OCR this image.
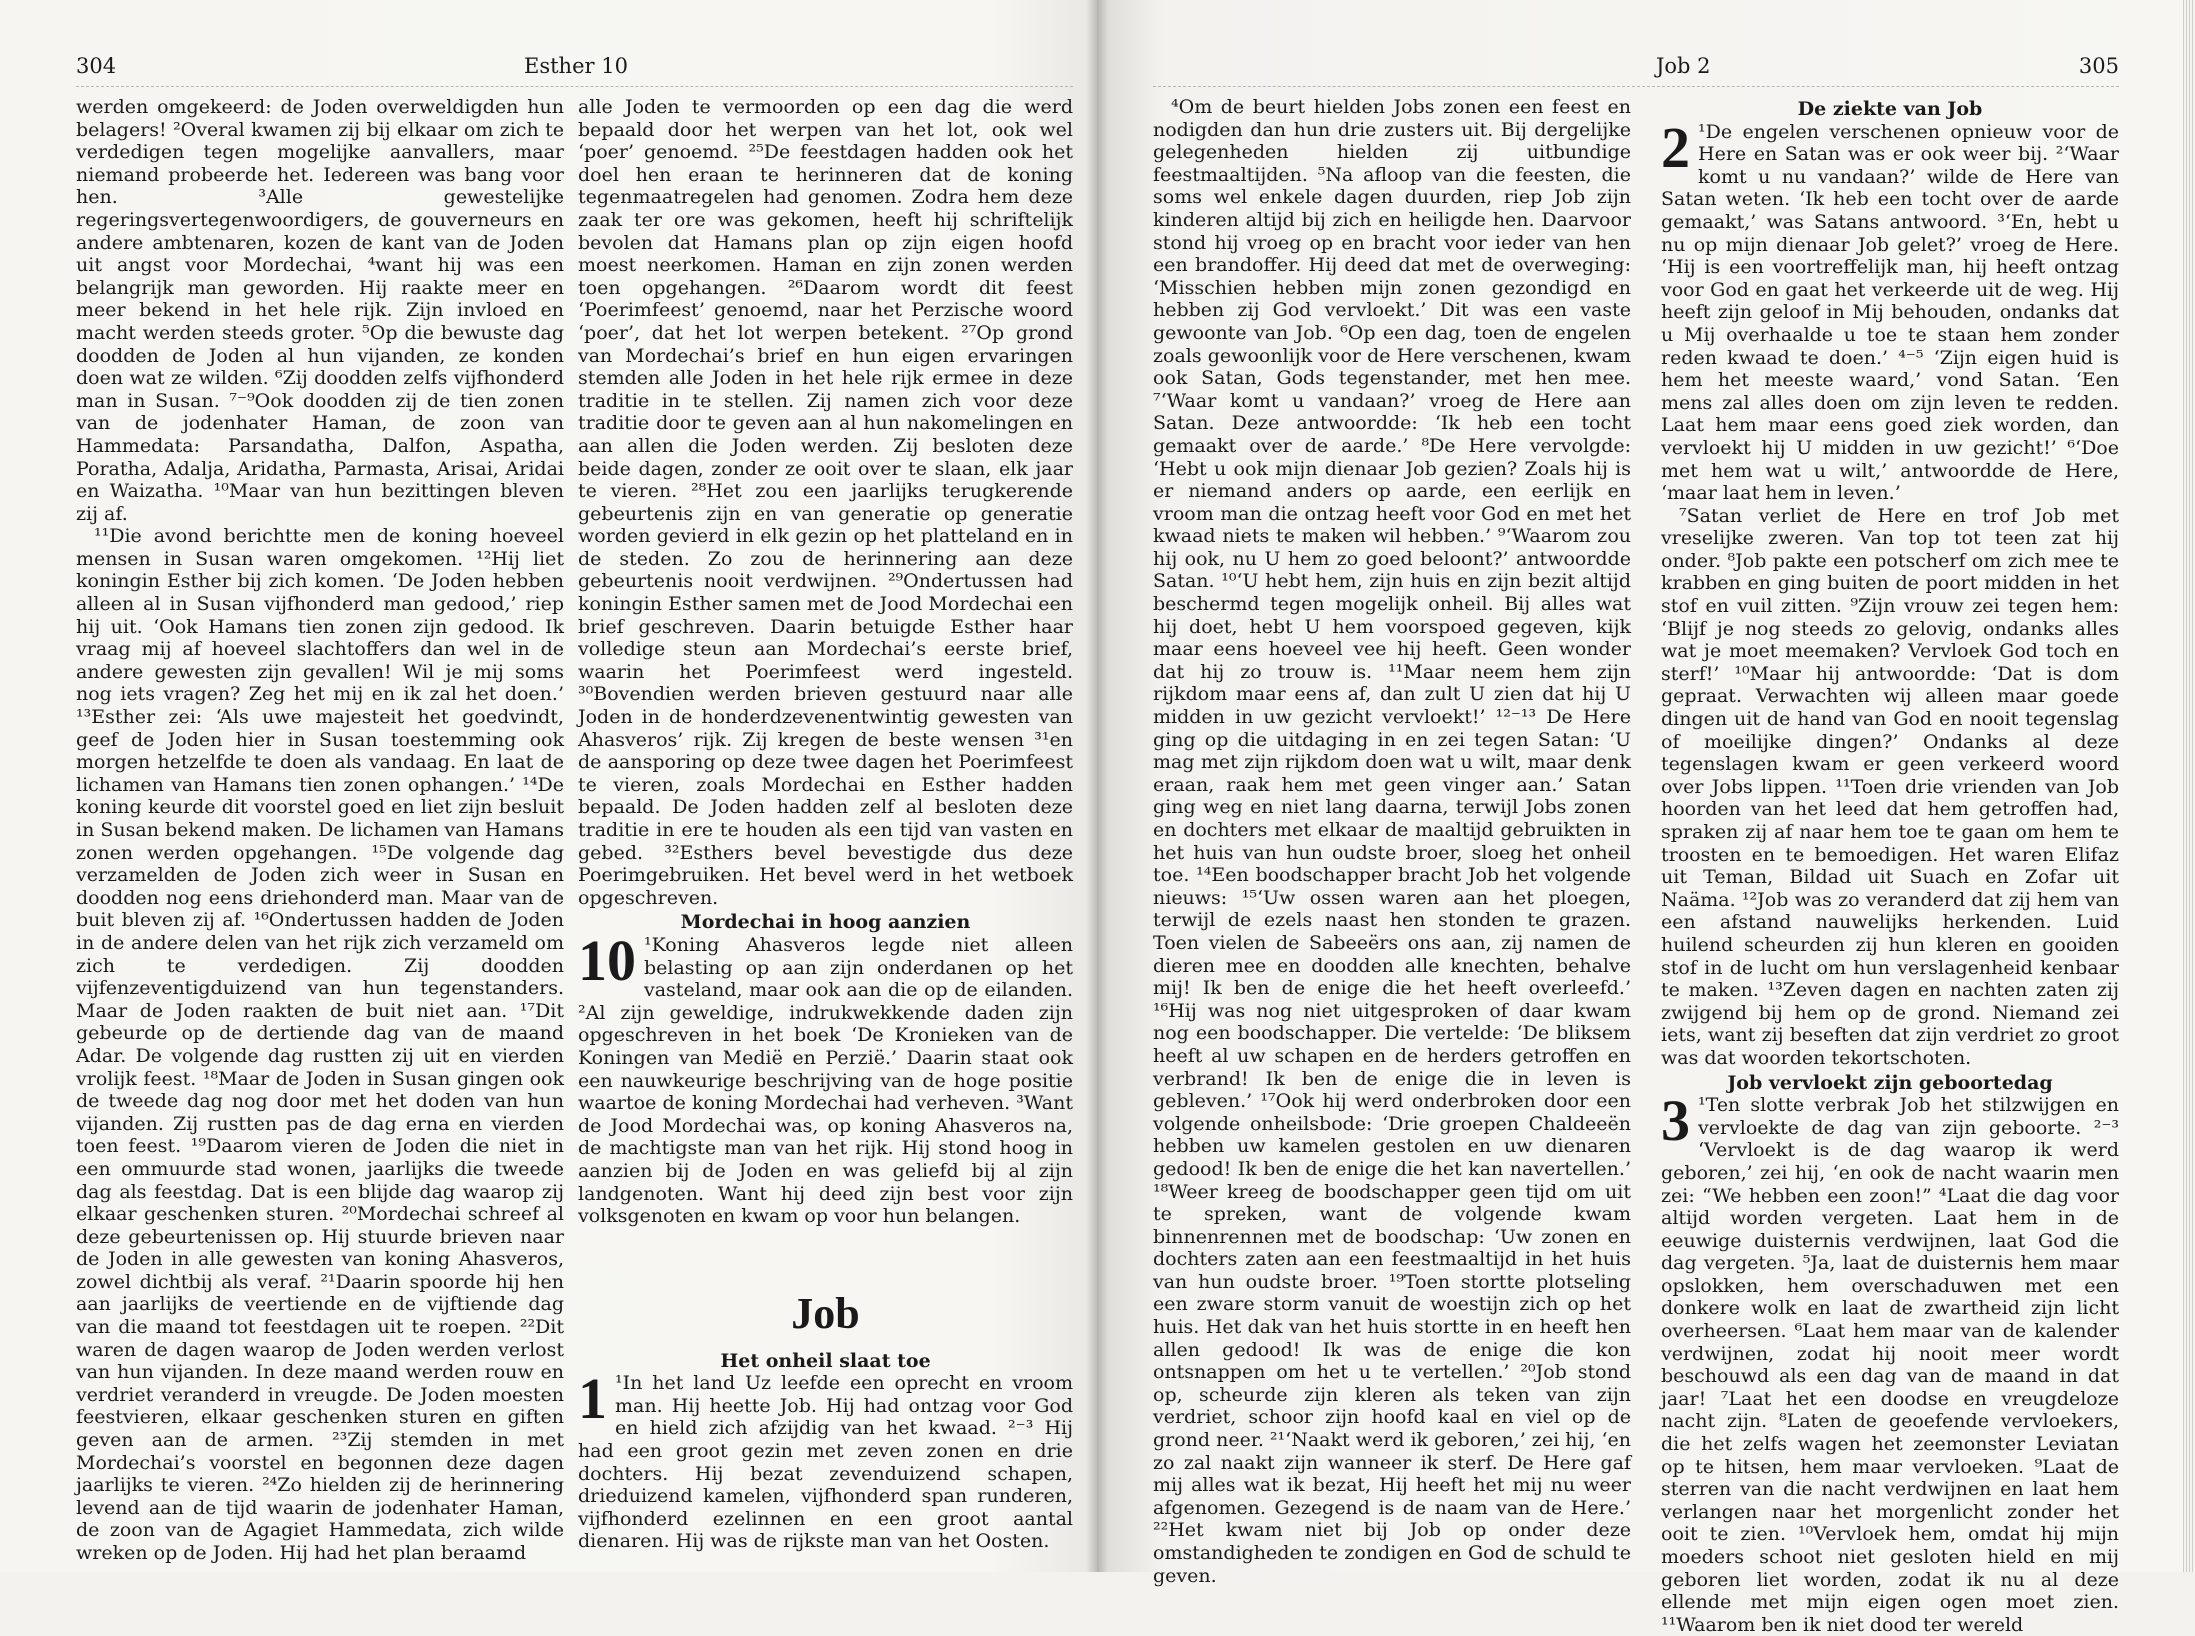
304	Esther 10

werden omgekeerd: de Joden overweldigden hun belagers! ²Overal kwamen zij bij elkaar om zich te verdedigen tegen mogelijke aanvallers, maar niemand probeerde het. Iedereen was bang voor hen. ³Alle gewestelijke regeringsvertegenwoordigers, de gouverneurs en andere ambtenaren, kozen de kant van de Joden uit angst voor Mordechai, ⁴want hij was een belangrijk man geworden. Hij raakte meer en meer bekend in het hele rijk. Zijn invloed en macht werden steeds groter. ⁵Op die bewuste dag doodden de Joden al hun vijanden, ze konden doen wat ze wilden. ⁶Zij doodden zelfs vijfhonderd man in Susan. ⁷⁻⁹Ook doodden zij de tien zonen van de jodenhater Haman, de zoon van Hammedata: Parsandatha, Dalfon, Aspatha, Poratha, Adalja, Aridatha, Parmasta, Arisai, Aridai en Waizatha. ¹⁰Maar van hun bezittingen bleven zij af.

¹¹Die avond berichtte men de koning hoeveel mensen in Susan waren omgekomen. ¹²Hij liet koningin Esther bij zich komen. ‘De Joden hebben alleen al in Susan vijfhonderd man gedood,’ riep hij uit. ‘Ook Hamans tien zonen zijn gedood. Ik vraag mij af hoeveel slachtoffers dan wel in de andere gewesten zijn gevallen! Wil je mij soms nog iets vragen? Zeg het mij en ik zal het doen.’ ¹³Esther zei: ‘Als uwe majesteit het goedvindt, geef de Joden hier in Susan toestemming ook morgen hetzelfde te doen als vandaag. En laat de lichamen van Hamans tien zonen ophangen.’ ¹⁴De koning keurde dit voorstel goed en liet zijn besluit in Susan bekend maken. De lichamen van Hamans zonen werden opgehangen. ¹⁵De volgende dag verzamelden de Joden zich weer in Susan en doodden nog eens driehonderd man. Maar van de buit bleven zij af. ¹⁶Ondertussen hadden de Joden in de andere delen van het rijk zich verzameld om zich te verdedigen. Zij doodden vijfenzeventigduizend van hun tegenstanders. Maar de Joden raakten de buit niet aan. ¹⁷Dit gebeurde op de dertiende dag van de maand Adar. De volgende dag rustten zij uit en vierden vrolijk feest. ¹⁸Maar de Joden in Susan gingen ook de tweede dag nog door met het doden van hun vijanden. Zij rustten pas de dag erna en vierden toen feest. ¹⁹Daarom vieren de Joden die niet in een ommuurde stad wonen, jaarlijks die tweede dag als feestdag. Dat is een blijde dag waarop zij elkaar geschenken sturen. ²⁰Mordechai schreef al deze gebeurtenissen op. Hij stuurde brieven naar de Joden in alle gewesten van koning Ahasveros, zowel dichtbij als veraf. ²¹Daarin spoorde hij hen aan jaarlijks de veertiende en de vijftiende dag van die maand tot feestdagen uit te roepen. ²²Dit waren de dagen waarop de Joden werden verlost van hun vijanden. In deze maand werden rouw en verdriet veranderd in vreugde. De Joden moesten feestvieren, elkaar geschenken sturen en giften geven aan de armen. ²³Zij stemden in met Mordechai’s voorstel en begonnen deze dagen jaarlijks te vieren. ²⁴Zo hielden zij de herinnering levend aan de tijd waarin de jodenhater Haman, de zoon van de Agagiet Hammedata, zich wilde wreken op de Joden. Hij had het plan beraamd

alle Joden te vermoorden op een dag die werd bepaald door het werpen van het lot, ook wel ‘poer’ genoemd. ²⁵De feestdagen hadden ook het doel hen eraan te herinneren dat de koning tegenmaatregelen had genomen. Zodra hem deze zaak ter ore was gekomen, heeft hij schriftelijk bevolen dat Hamans plan op zijn eigen hoofd moest neerkomen. Haman en zijn zonen werden toen opgehangen. ²⁶Daarom wordt dit feest ‘Poerimfeest’ genoemd, naar het Perzische woord ‘poer’, dat het lot werpen betekent. ²⁷Op grond van Mordechai’s brief en hun eigen ervaringen stemden alle Joden in het hele rijk ermee in deze traditie in te stellen. Zij namen zich voor deze traditie door te geven aan al hun nakomelingen en aan allen die Joden werden. Zij besloten deze beide dagen, zonder ze ooit over te slaan, elk jaar te vieren. ²⁸Het zou een jaarlijks terugkerende gebeurtenis zijn en van generatie op generatie worden gevierd in elk gezin op het platteland en in de steden. Zo zou de herinnering aan deze gebeurtenis nooit verdwijnen. ²⁹Ondertussen had koningin Esther samen met de Jood Mordechai een brief geschreven. Daarin betuigde Esther haar volledige steun aan Mordechai’s eerste brief, waarin het Poerimfeest werd ingesteld. ³⁰Bovendien werden brieven gestuurd naar alle Joden in de honderdzevenentwintig gewesten van Ahasveros’ rijk. Zij kregen de beste wensen ³¹en de aansporing op deze twee dagen het Poerimfeest te vieren, zoals Mordechai en Esther hadden bepaald. De Joden hadden zelf al besloten deze traditie in ere te houden als een tijd van vasten en gebed. ³²Esthers bevel bevestigde dus deze Poerimgebruiken. Het bevel werd in het wetboek opgeschreven.

Mordechai in hoog aanzien

10 ¹Koning Ahasveros legde niet alleen belasting op aan zijn onderdanen op het vasteland, maar ook aan die op de eilanden. ²Al zijn geweldige, indrukwekkende daden zijn opgeschreven in het boek ‘De Kronieken van de Koningen van Medië en Perzië.’ Daarin staat ook een nauwkeurige beschrijving van de hoge positie waartoe de koning Mordechai had verheven. ³Want de Jood Mordechai was, op koning Ahasveros na, de machtigste man van het rijk. Hij stond hoog in aanzien bij de Joden en was geliefd bij al zijn landgenoten. Want hij deed zijn best voor zijn volksgenoten en kwam op voor hun belangen.

Job
Het onheil slaat toe

1 ¹In het land Uz leefde een oprecht en vroom man. Hij heette Job. Hij had ontzag voor God en hield zich afzijdig van het kwaad. ²⁻³ Hij had een groot gezin met zeven zonen en drie dochters. Hij bezat zevenduizend schapen, drieduizend kamelen, vijfhonderd span runderen, vijfhonderd ezelinnen en een groot aantal dienaren. Hij was de rijkste man van het Oosten.

Job 2	305

⁴Om de beurt hielden Jobs zonen een feest en nodigden dan hun drie zusters uit. Bij dergelijke gelegenheden hielden zij uitbundige feestmaaltijden. ⁵Na afloop van die feesten, die soms wel enkele dagen duurden, riep Job zijn kinderen altijd bij zich en heiligde hen. Daarvoor stond hij vroeg op en bracht voor ieder van hen een brandoffer. Hij deed dat met de overweging: ‘Misschien hebben mijn zonen gezondigd en hebben zij God vervloekt.’ Dit was een vaste gewoonte van Job. ⁶Op een dag, toen de engelen zoals gewoonlijk voor de Here verschenen, kwam ook Satan, Gods tegenstander, met hen mee. ⁷‘Waar komt u vandaan?’ vroeg de Here aan Satan. Deze antwoordde: ‘Ik heb een tocht gemaakt over de aarde.’ ⁸De Here vervolgde: ‘Hebt u ook mijn dienaar Job gezien? Zoals hij is er niemand anders op aarde, een eerlijk en vroom man die ontzag heeft voor God en met het kwaad niets te maken wil hebben.’ ⁹‘Waarom zou hij ook, nu U hem zo goed beloont?’ antwoordde Satan. ¹⁰‘U hebt hem, zijn huis en zijn bezit altijd beschermd tegen mogelijk onheil. Bij alles wat hij doet, hebt U hem voorspoed gegeven, kijk maar eens hoeveel vee hij heeft. Geen wonder dat hij zo trouw is. ¹¹Maar neem hem zijn rijkdom maar eens af, dan zult U zien dat hij U midden in uw gezicht vervloekt!’ ¹²⁻¹³ De Here ging op die uitdaging in en zei tegen Satan: ‘U mag met zijn rijkdom doen wat u wilt, maar denk eraan, raak hem met geen vinger aan.’ Satan ging weg en niet lang daarna, terwijl Jobs zonen en dochters met elkaar de maaltijd gebruikten in het huis van hun oudste broer, sloeg het onheil toe. ¹⁴Een boodschapper bracht Job het volgende nieuws: ¹⁵‘Uw ossen waren aan het ploegen, terwijl de ezels naast hen stonden te grazen. Toen vielen de Sabeeërs ons aan, zij namen de dieren mee en doodden alle knechten, behalve mij! Ik ben de enige die het heeft overleefd.’ ¹⁶Hij was nog niet uitgesproken of daar kwam nog een boodschapper. Die vertelde: ‘De bliksem heeft al uw schapen en de herders getroffen en verbrand! Ik ben de enige die in leven is gebleven.’ ¹⁷Ook hij werd onderbroken door een volgende onheilsbode: ‘Drie groepen Chaldeeën hebben uw kamelen gestolen en uw dienaren gedood! Ik ben de enige die het kan navertellen.’ ¹⁸Weer kreeg de boodschapper geen tijd om uit te spreken, want de volgende kwam binnenrennen met de boodschap: ‘Uw zonen en dochters zaten aan een feestmaaltijd in het huis van hun oudste broer. ¹⁹Toen stortte plotseling een zware storm vanuit de woestijn zich op het huis. Het dak van het huis stortte in en heeft hen allen gedood! Ik was de enige die kon ontsnappen om het u te vertellen.’ ²⁰Job stond op, scheurde zijn kleren als teken van zijn verdriet, schoor zijn hoofd kaal en viel op de grond neer. ²¹‘Naakt werd ik geboren,’ zei hij, ‘en zo zal naakt zijn wanneer ik sterf. De Here gaf mij alles wat ik bezat, Hij heeft het mij nu weer afgenomen. Gezegend is de naam van de Here.’ ²²Het kwam niet bij Job op onder deze omstandigheden te zondigen en God de schuld te geven.

De ziekte van Job

2 ¹De engelen verschenen opnieuw voor de Here en Satan was er ook weer bij. ²‘Waar komt u nu vandaan?’ wilde de Here van Satan weten. ‘Ik heb een tocht over de aarde gemaakt,’ was Satans antwoord. ³‘En, hebt u nu op mijn dienaar Job gelet?’ vroeg de Here. ‘Hij is een voortreffelijk man, hij heeft ontzag voor God en gaat het verkeerde uit de weg. Hij heeft zijn geloof in Mij behouden, ondanks dat u Mij overhaalde u toe te staan hem zonder reden kwaad te doen.’ ⁴⁻⁵ ‘Zijn eigen huid is hem het meeste waard,’ vond Satan. ‘Een mens zal alles doen om zijn leven te redden. Laat hem maar eens goed ziek worden, dan vervloekt hij U midden in uw gezicht!’ ⁶‘Doe met hem wat u wilt,’ antwoordde de Here, ‘maar laat hem in leven.’

⁷Satan verliet de Here en trof Job met vreselijke zweren. Van top tot teen zat hij onder. ⁸Job pakte een potscherf om zich mee te krabben en ging buiten de poort midden in het stof en vuil zitten. ⁹Zijn vrouw zei tegen hem: ‘Blijf je nog steeds zo gelovig, ondanks alles wat je moet meemaken? Vervloek God toch en sterf!’ ¹⁰Maar hij antwoordde: ‘Dat is dom gepraat. Verwachten wij alleen maar goede dingen uit de hand van God en nooit tegenslag of moeilijke dingen?’ Ondanks al deze tegenslagen kwam er geen verkeerd woord over Jobs lippen. ¹¹Toen drie vrienden van Job hoorden van het leed dat hem getroffen had, spraken zij af naar hem toe te gaan om hem te troosten en te bemoedigen. Het waren Elifaz uit Teman, Bildad uit Suach en Zofar uit Naäma. ¹²Job was zo veranderd dat zij hem van een afstand nauwelijks herkenden. Luid huilend scheurden zij hun kleren en gooiden stof in de lucht om hun verslagenheid kenbaar te maken. ¹³Zeven dagen en nachten zaten zij zwijgend bij hem op de grond. Niemand zei iets, want zij beseften dat zijn verdriet zo groot was dat woorden tekortschoten.

Job vervloekt zijn geboortedag

3 ¹Ten slotte verbrak Job het stilzwijgen en vervloekte de dag van zijn geboorte. ²⁻³ ‘Vervloekt is de dag waarop ik werd geboren,’ zei hij, ‘en ook de nacht waarin men zei: “We hebben een zoon!” ⁴Laat die dag voor altijd worden vergeten. Laat hem in de eeuwige duisternis verdwijnen, laat God die dag vergeten. ⁵Ja, laat de duisternis hem maar opslokken, hem overschaduwen met een donkere wolk en laat de zwartheid zijn licht overheersen. ⁶Laat hem maar van de kalender verdwijnen, zodat hij nooit meer wordt beschouwd als een dag van de maand in dat jaar! ⁷Laat het een doodse en vreugdeloze nacht zijn. ⁸Laten de geoefende vervloekers, die het zelfs wagen het zeemonster Leviatan op te hitsen, hem maar vervloeken. ⁹Laat de sterren van die nacht verdwijnen en laat hem verlangen naar het morgenlicht zonder het ooit te zien. ¹⁰Vervloek hem, omdat hij mijn moeders schoot niet gesloten hield en mij geboren liet worden, zodat ik nu al deze ellende met mijn eigen ogen moet zien. ¹¹Waarom ben ik niet dood ter wereld
